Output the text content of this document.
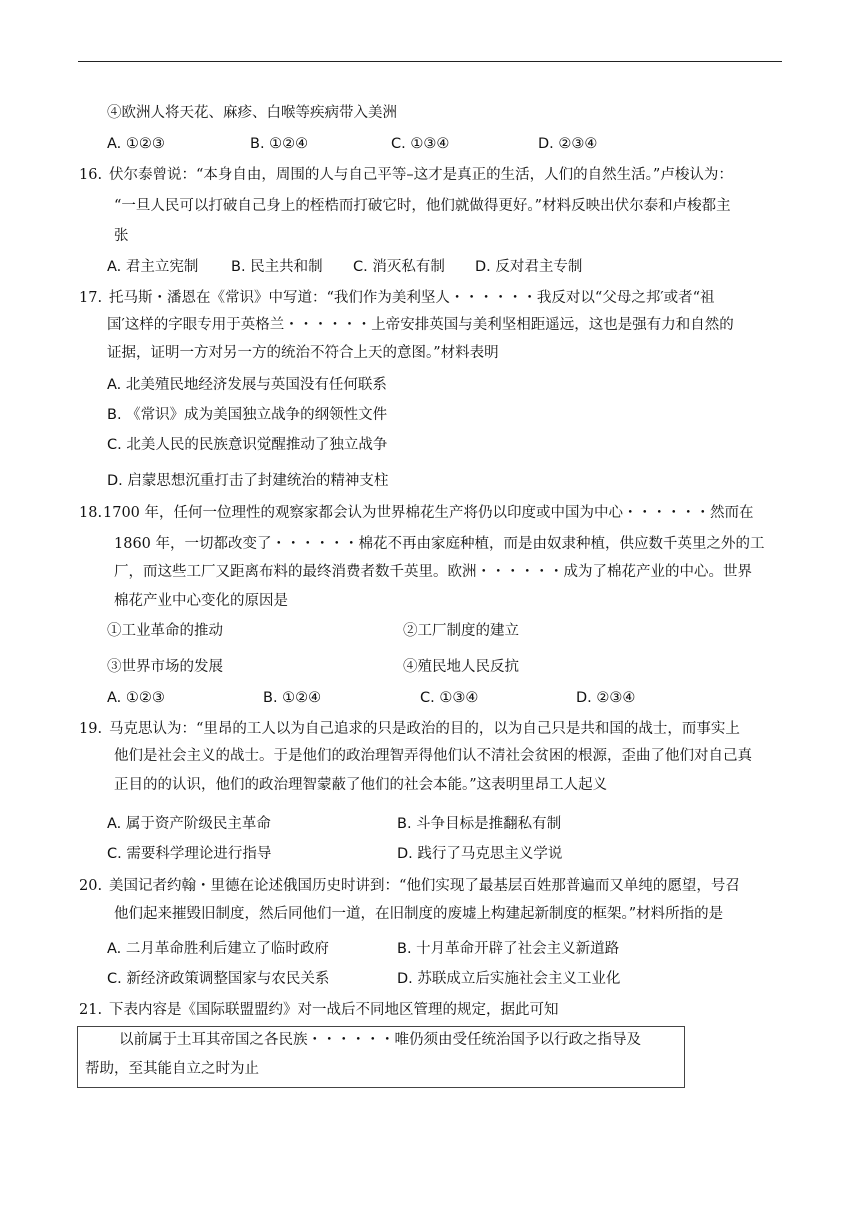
④欧洲人将天花、麻疹、白喉等疾病带入美洲
A. ①②③	B. ①②④	C. ①③④	D. ②③④
16. 伏尔泰曾说：“本身自由，周围的人与自己平等–这才是真正的生活，人们的自然生活。”卢梭认为：
“一旦人民可以打破自己身上的桎梏而打破它时，他们就做得更好。”材料反映出伏尔泰和卢梭都主
张
A. 君主立宪制 B. 民主共和制 C. 消灭私有制 D. 反对君主专制
17. 托马斯・潘恩在《常识》中写道：“我们作为美利坚人・・・・・・我反对以“父母之邦′或者“祖
国′这样的字眼专用于英格兰・・・・・・上帝安排英国与美利坚相距遥远，这也是强有力和自然的
证据，证明一方对另一方的统治不符合上天的意图。”材料表明
A. 北美殖民地经济发展与英国没有任何联系
B. 《常识》成为美国独立战争的纲领性文件
C. 北美人民的民族意识觉醒推动了独立战争
D. 启蒙思想沉重打击了封建统治的精神支柱
18. 1700 年，任何一位理性的观察家都会认为世界棉花生产将仍以印度或中国为中心・・・・・・然而在
1860 年，一切都改变了・・・・・・棉花不再由家庭种植，而是由奴隶种植，供应数千英里之外的工
厂，而这些工厂又距离布料的最终消费者数千英里。欧洲・・・・・・成为了棉花产业的中心。世界
棉花产业中心变化的原因是
①工业革命的推动	②工厂制度的建立
③世界市场的发展	④殖民地人民反抗
A. ①②③	B. ①②④	C. ①③④	D. ②③④
19. 马克思认为：“里昂的工人以为自己追求的只是政治的目的，以为自己只是共和国的战士，而事实上
他们是社会主义的战士。于是他们的政治理智弄得他们认不清社会贫困的根源，歪曲了他们对自己真
正目的的认识，他们的政治理智蒙蔽了他们的社会本能。”这表明里昂工人起义
A. 属于资产阶级民主革命	B. 斗争目标是推翻私有制
C. 需要科学理论进行指导	D. 践行了马克思主义学说
20. 美国记者约翰・里德在论述俄国历史时讲到：“他们实现了最基层百姓那普遍而又单纯的愿望，号召
他们起来摧毁旧制度，然后同他们一道，在旧制度的废墟上构建起新制度的框架。”材料所指的是
A. 二月革命胜利后建立了临时政府	B. 十月革命开辟了社会主义新道路
C. 新经济政策调整国家与农民关系	D. 苏联成立后实施社会主义工业化
21. 下表内容是《国际联盟盟约》对一战后不同地区管理的规定，据此可知
以前属于土耳其帝国之各民族・・・・・・唯仍须由受任统治国予以行政之指导及
帮助，至其能自立之时为止
